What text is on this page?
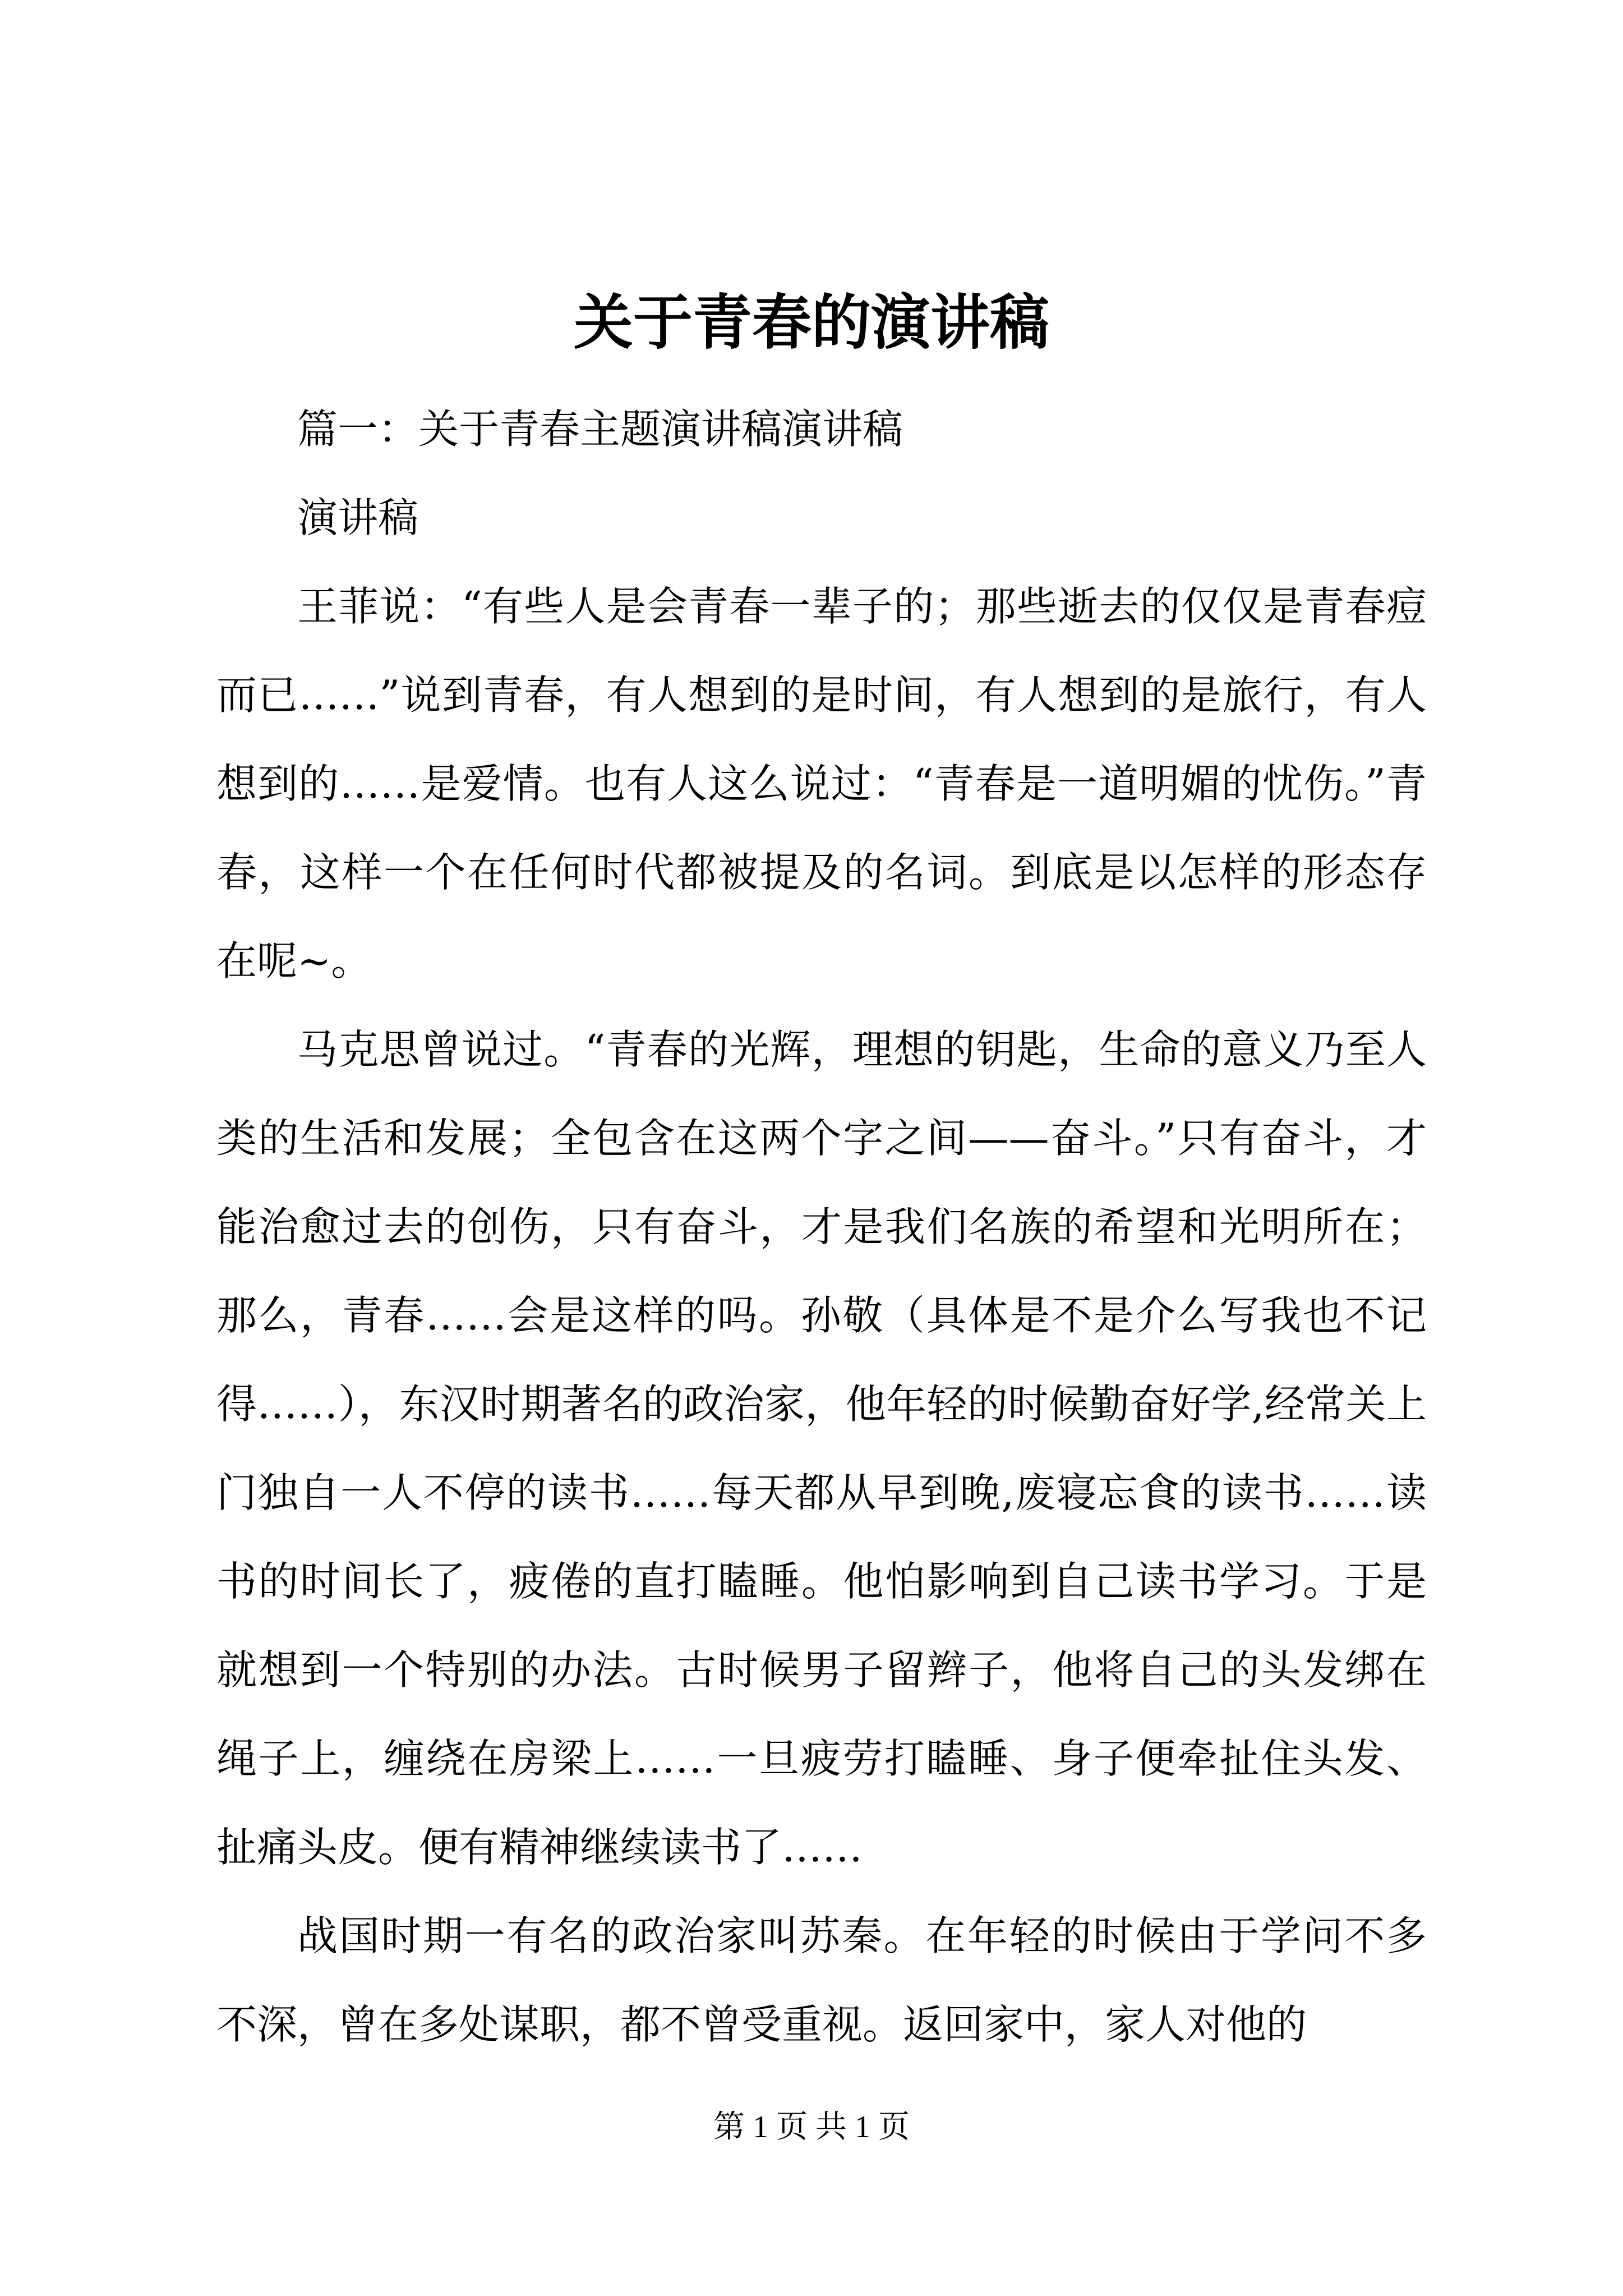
关于青春的演讲稿

篇一：关于青春主题演讲稿演讲稿

演讲稿

王菲说：“有些人是会青春一辈子的；那些逝去的仅仅是青春痘而已……”说到青春，有人想到的是时间，有人想到的是旅行，有人想到的……是爱情。也有人这么说过：“青春是一道明媚的忧伤。”青春，这样一个在任何时代都被提及的名词。到底是以怎样的形态存在呢~。

马克思曾说过。“青春的光辉，理想的钥匙，生命的意义乃至人类的生活和发展；全包含在这两个字之间——奋斗。”只有奋斗，才能治愈过去的创伤，只有奋斗，才是我们名族的希望和光明所在；那么，青春……会是这样的吗。孙敬（具体是不是介么写我也不记得……），东汉时期著名的政治家，他年轻的时候勤奋好学,经常关上门独自一人不停的读书……每天都从早到晚,废寝忘食的读书……读书的时间长了，疲倦的直打瞌睡。他怕影响到自己读书学习。于是就想到一个特别的办法。古时候男子留辫子，他将自己的头发绑在绳子上，缠绕在房梁上……一旦疲劳打瞌睡、身子便牵扯住头发、扯痛头皮。便有精神继续读书了……

战国时期一有名的政治家叫苏秦。在年轻的时候由于学问不多不深，曾在多处谋职，都不曾受重视。返回家中，家人对他的

第 1 页 共 1 页
